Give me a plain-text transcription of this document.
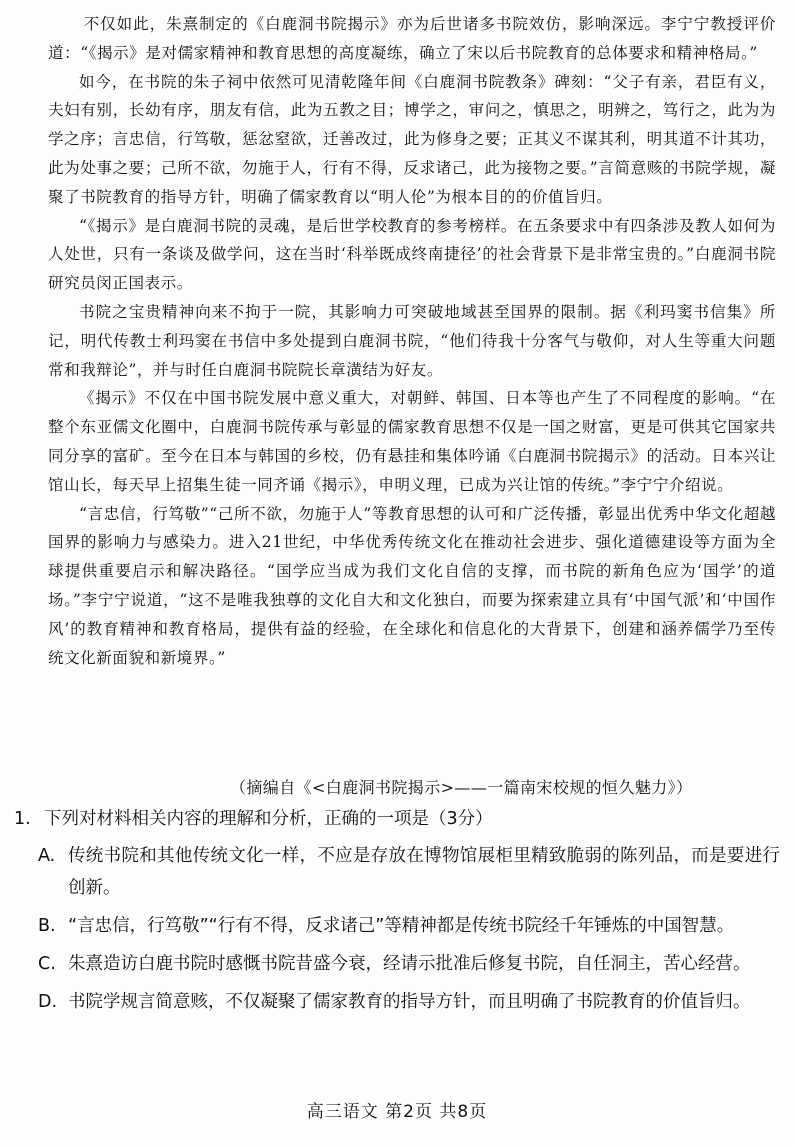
不仅如此，朱熹制定的《白鹿洞书院揭示》亦为后世诸多书院效仿，影响深远。李宁宁教授评价道：“《揭示》是对儒家精神和教育思想的高度凝练，确立了宋以后书院教育的总体要求和精神格局。”

如今，在书院的朱子祠中依然可见清乾隆年间《白鹿洞书院教条》碑刻：“父子有亲，君臣有义，夫妇有别，长幼有序，朋友有信，此为五教之目；博学之，审问之，慎思之，明辨之，笃行之，此为为学之序；言忠信，行笃敬，惩忿窒欲，迁善改过，此为修身之要；正其义不谋其利，明其道不计其功，此为处事之要；己所不欲，勿施于人，行有不得，反求诸己，此为接物之要。”言简意赅的书院学规，凝聚了书院教育的指导方针，明确了儒家教育以“明人伦”为根本目的的价值旨归。

“《揭示》是白鹿洞书院的灵魂，是后世学校教育的参考榜样。在五条要求中有四条涉及教人如何为人处世，只有一条谈及做学问，这在当时‘科举既成终南捷径’的社会背景下是非常宝贵的。”白鹿洞书院研究员闵正国表示。

书院之宝贵精神向来不拘于一院，其影响力可突破地域甚至国界的限制。据《利玛窦书信集》所记，明代传教士利玛窦在书信中多处提到白鹿洞书院，“他们待我十分客气与敬仰，对人生等重大问题常和我辩论”，并与时任白鹿洞书院院长章潢结为好友。

《揭示》不仅在中国书院发展中意义重大，对朝鲜、韩国、日本等也产生了不同程度的影响。“在整个东亚儒文化圈中，白鹿洞书院传承与彰显的儒家教育思想不仅是一国之财富，更是可供其它国家共同分享的富矿。至今在日本与韩国的乡校，仍有悬挂和集体吟诵《白鹿洞书院揭示》的活动。日本兴让馆山长，每天早上招集生徒一同齐诵《揭示》，申明义理，已成为兴让馆的传统。”李宁宁介绍说。

“言忠信，行笃敬”“己所不欲，勿施于人”等教育思想的认可和广泛传播，彰显出优秀中华文化超越国界的影响力与感染力。进入21世纪，中华优秀传统文化在推动社会进步、强化道德建设等方面为全球提供重要启示和解决路径。“国学应当成为我们文化自信的支撑，而书院的新角色应为‘国学’的道场。”李宁宁说道，“这不是唯我独尊的文化自大和文化独白，而要为探索建立具有‘中国气派’和‘中国作风’的教育精神和教育格局，提供有益的经验，在全球化和信息化的大背景下，创建和涵养儒学乃至传统文化新面貌和新境界。”

（摘编自《<白鹿洞书院揭示>——一篇南宋校规的恒久魅力》）
1. 下列对材料相关内容的理解和分析，正确的一项是（3分）
A. 传统书院和其他传统文化一样，不应是存放在博物馆展柜里精致脆弱的陈列品，而是要进行创新。
B. “言忠信，行笃敬”“行有不得，反求诸己”等精神都是传统书院经千年锤炼的中国智慧。
C. 朱熹造访白鹿书院时感慨书院昔盛今衰，经请示批准后修复书院，自任洞主，苦心经营。
D. 书院学规言简意赅，不仅凝聚了儒家教育的指导方针，而且明确了书院教育的价值旨归。
高三语文 第2页 共8页
